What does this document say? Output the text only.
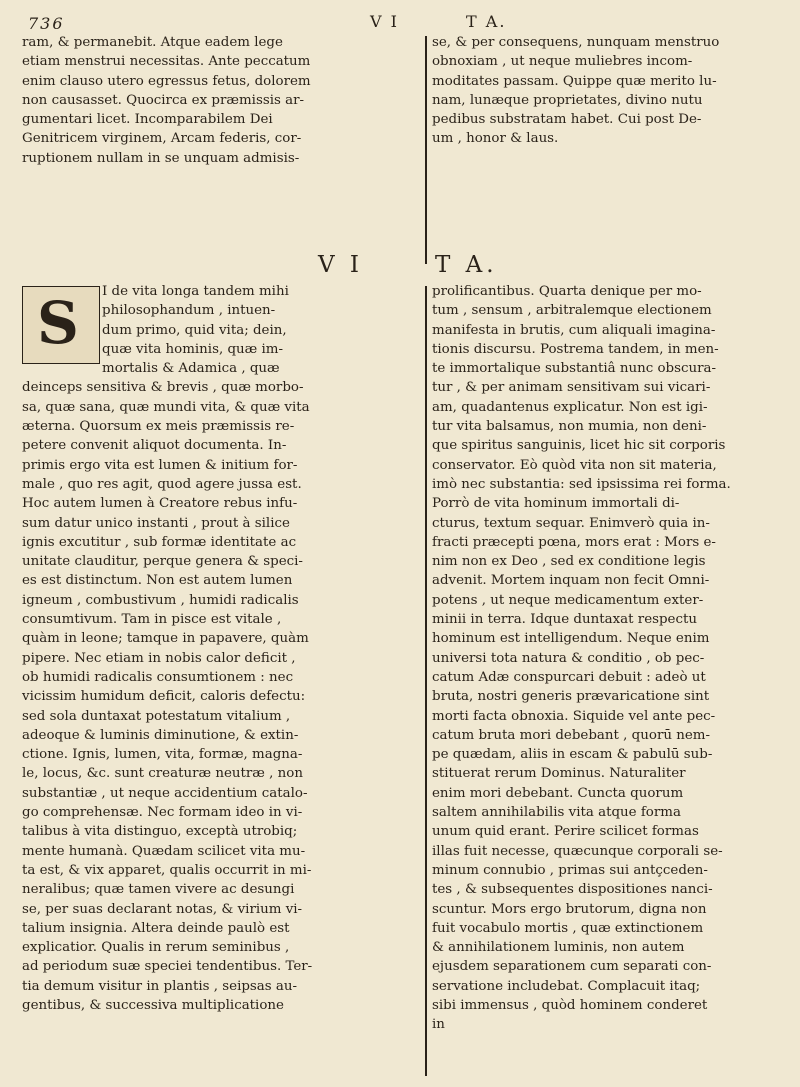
736	V I	T A.
ram, & permanebit. Atque eadem lege
etiam menstrui necessitas. Ante peccatum
enim clauso utero egressus fetus, dolorem
non causasset. Quocirca ex præmissis ar-
gumentari licet. Incomparabilem Dei
Genitricem virginem, Arcam federis, cor-
ruptionem nullam in se unquam admisis-
se, & per consequens, nunquam menstruo
obnoxiam , ut neque muliebres incom-
moditates passam. Quippe quæ merito lu-
nam, lunæque proprietates, divino nutu
pedibus substratam habet. Cui post De-
um , honor & laus.
V I	T A.
S	I de vita longa tandem mihi
philosophandum , intuen-
dum primo, quid vita; dein,
quæ vita hominis, quæ im-
mortalis & Adamica , quæ
deinceps sensitiva & brevis , quæ morbo-
sa, quæ sana, quæ mundi vita, & quæ vita
æterna. Quorsum ex meis præmissis re-
petere convenit aliquot documenta. In-
primis ergo vita est lumen & initium for-
male , quo res agit, quod agere jussa est.
Hoc autem lumen à Creatore rebus infu-
sum datur unico instanti , prout à silice
ignis excutitur , sub formæ identitate ac
unitate clauditur, perque genera & speci-
es est distinctum. Non est autem lumen
igneum , combustivum , humidi radicalis
consumtivum. Tam in pisce est vitale ,
quàm in leone; tamque in papavere, quàm
pipere. Nec etiam in nobis calor deficit ,
ob humidi radicalis consumtionem : nec
vicissim humidum deficit, caloris defectu:
sed sola duntaxat potestatum vitalium ,
adeoque & luminis diminutione, & extin-
ctione. Ignis, lumen, vita, formæ, magna-
le, locus, &c. sunt creaturæ neutræ , non
substantiæ , ut neque accidentium catalo-
go comprehensæ. Nec formam ideo in vi-
talibus à vita distinguo, exceptà utrobiq;
mente humanà. Quædam scilicet vita mu-
ta est, & vix apparet, qualis occurrit in mi-
neralibus; quæ tamen vivere ac desungi
se, per suas declarant notas, & virium vi-
talium insignia. Altera deinde paulò est
explicatior. Qualis in rerum seminibus ,
ad periodum suæ speciei tendentibus. Ter-
tia demum visitur in plantis , seipsas au-
gentibus, & successiva multiplicatione
prolificantibus. Quarta denique per mo-
tum , sensum , arbitralemque electionem
manifesta in brutis, cum aliquali imagina-
tionis discursu. Postrema tandem, in men-
te immortalique substantiâ nunc obscura-
tur , & per animam sensitivam sui vicari-
am, quadantenus explicatur. Non est igi-
tur vita balsamus, non mumia, non deni-
que spiritus sanguinis, licet hic sit corporis
conservator. Eò quòd vita non sit materia,
imò nec substantia: sed ipsissima rei forma.
Porrò de vita hominum immortali di-
cturus, textum sequar. Enimverò quia in-
fracti præcepti pœna, mors erat : Mors e-
nim non ex Deo , sed ex conditione legis
advenit. Mortem inquam non fecit Omni-
potens , ut neque medicamentum exter-
minii in terra. Idque duntaxat respectu
hominum est intelligendum. Neque enim
universi tota natura & conditio , ob pec-
catum Adæ conspurcari debuit : adeò ut
bruta, nostri generis prævaricatione sint
morti facta obnoxia. Siquide vel ante pec-
catum bruta mori debebant , quorū nem-
pe quædam, aliis in escam & pabulū sub-
stituerat rerum Dominus. Naturaliter
enim mori debebant. Cuncta quorum
saltem annihilabilis vita atque forma
unum quid erant. Perire scilicet formas
illas fuit necesse, quæcunque corporali se-
minum connubio , primas sui antçceden-
tes , & subsequentes dispositiones nanci-
scuntur. Mors ergo brutorum, digna non
fuit vocabulo mortis , quæ extinctionem
& annihilationem luminis, non autem
ejusdem separationem cum separati con-
servatione includebat. Complacuit itaq;
sibi immensus , quòd hominem conderet
in
